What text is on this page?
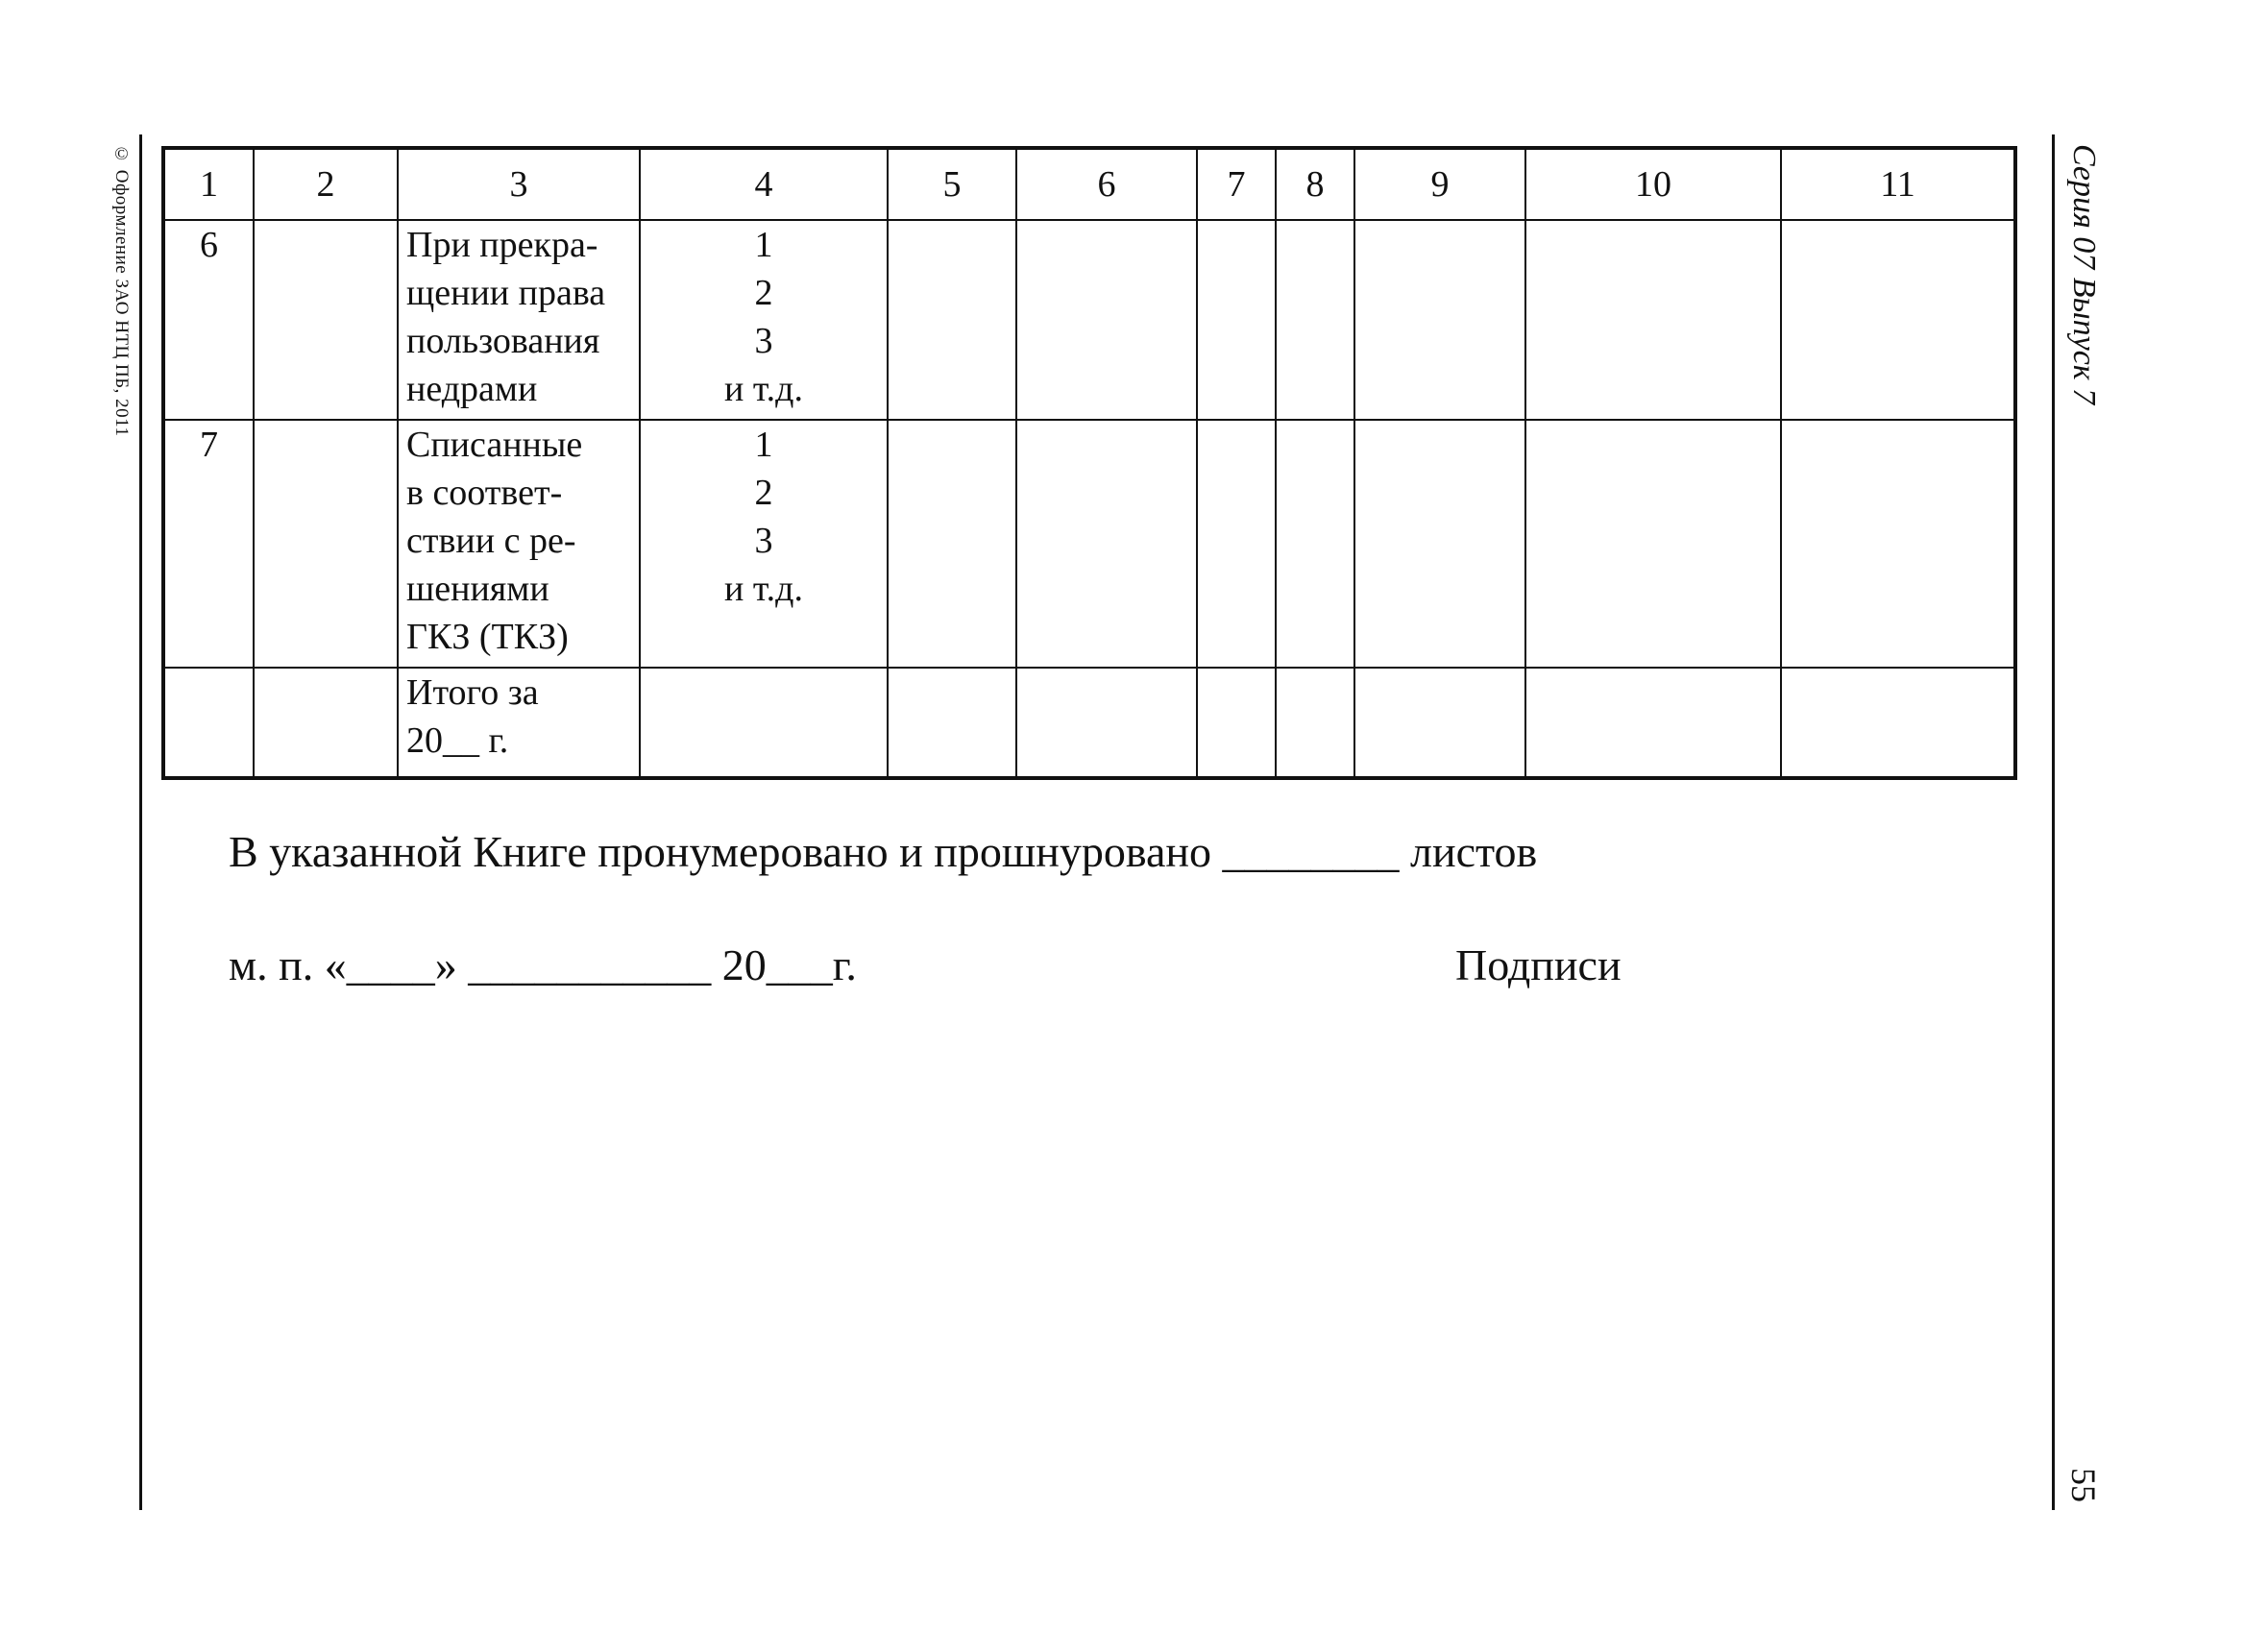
© Оформление ЗАО НТЦ ПБ, 2011	Серия 07 Выпуск 7
55
1	2	3	4	5	6	7	8	9	10	11
6		При прекра-
щении права
пользования
недрами	1
2
3
и т.д.							

7		Списанные
в соответ-
ствии с ре-
шениями
ГКЗ (ТКЗ)	1
2
3
и т.д.							

		Итого за
20__ г.								

В указанной Книге пронумеровано и прошнуровано ________ листов
м. п. «____» ___________ 20___г.	Подписи
